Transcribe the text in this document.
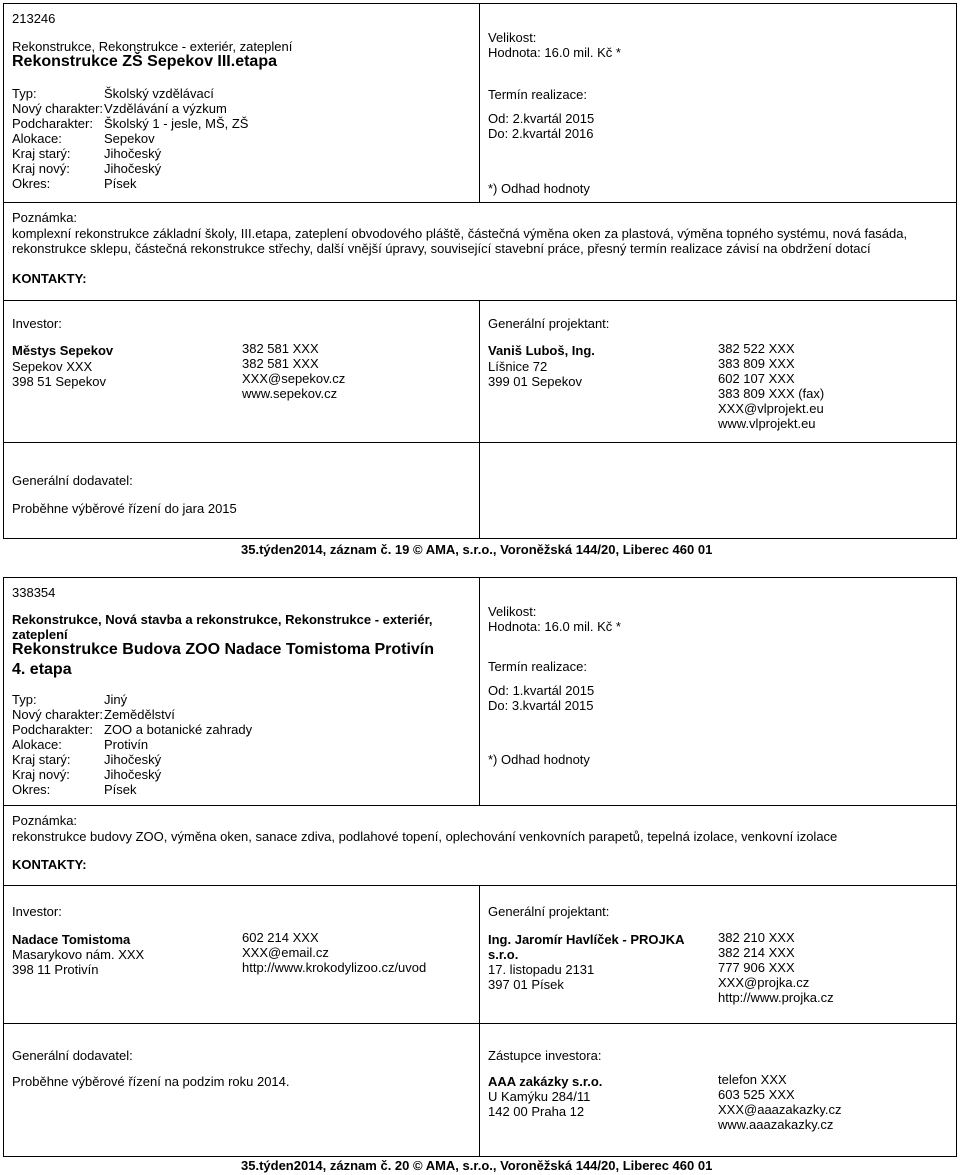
213246
Rekonstrukce, Rekonstrukce - exteriér, zateplení
Rekonstrukce ZŠ Sepekov III.etapa
Typ:	Školský vzdělávací
Nový charakter:Vzdělávání a výzkum
Podcharakter: Školský 1 - jesle, MŠ, ZŠ
Alokace:	Sepekov
Kraj starý:	Jihočeský
Kraj nový:	Jihočeský
Okres:	Písek
Velikost:
Hodnota: 16.0 mil. Kč *
Termín realizace:
Od: 2.kvartál 2015
Do: 2.kvartál 2016
*) Odhad hodnoty
Poznámka:
komplexní rekonstrukce základní školy, III.etapa, zateplení obvodového pláště, částečná výměna oken za plastová, výměna topného systému, nová fasáda,
rekonstrukce sklepu, částečná rekonstrukce střechy, další vnější úpravy, související stavební práce, přesný termín realizace závisí na obdržení dotací
KONTAKTY:
Investor:
Městys Sepekov
Sepekov XXX
398 51 Sepekov
382 581 XXX
382 581 XXX
XXX@sepekov.cz
www.sepekov.cz
Generální projektant:
Vaniš Luboš, Ing.
Líšnice 72
399 01 Sepekov
382 522 XXX
383 809 XXX
602 107 XXX
383 809 XXX (fax)
XXX@vlprojekt.eu
www.vlprojekt.eu
Generální dodavatel:
Proběhne výběrové řízení do jara 2015
35.týden2014, záznam č. 19 © AMA, s.r.o., Voroněžská 144/20, Liberec 460 01
338354
Rekonstrukce, Nová stavba a rekonstrukce, Rekonstrukce - exteriér,
zateplení
Rekonstrukce Budova ZOO Nadace Tomistoma Protivín
4. etapa
Typ:	Jiný
Nový charakter:Zemědělství
Podcharakter: ZOO a botanické zahrady
Alokace:	Protivín
Kraj starý:	Jihočeský
Kraj nový:	Jihočeský
Okres:	Písek
Velikost:
Hodnota: 16.0 mil. Kč *
Termín realizace:
Od: 1.kvartál 2015
Do: 3.kvartál 2015
*) Odhad hodnoty
Poznámka:
rekonstrukce budovy ZOO, výměna oken, sanace zdiva, podlahové topení, oplechování venkovních parapetů, tepelná izolace, venkovní izolace
KONTAKTY:
Investor:
Nadace Tomistoma
Masarykovo nám. XXX
398 11 Protivín
602 214 XXX
XXX@email.cz
http://www.krokodylizoo.cz/uvod
Generální projektant:
Ing. Jaromír Havlíček - PROJKA
s.r.o.
17. listopadu 2131
397 01 Písek
382 210 XXX
382 214 XXX
777 906 XXX
XXX@projka.cz
http://www.projka.cz
Generální dodavatel:
Proběhne výběrové řízení na podzim roku 2014.
Zástupce investora:
AAA zakázky s.r.o.
U Kamýku 284/11
142 00 Praha 12
telefon XXX
603 525 XXX
XXX@aaazakazky.cz
www.aaazakazky.cz
35.týden2014, záznam č. 20 © AMA, s.r.o., Voroněžská 144/20, Liberec 460 01
